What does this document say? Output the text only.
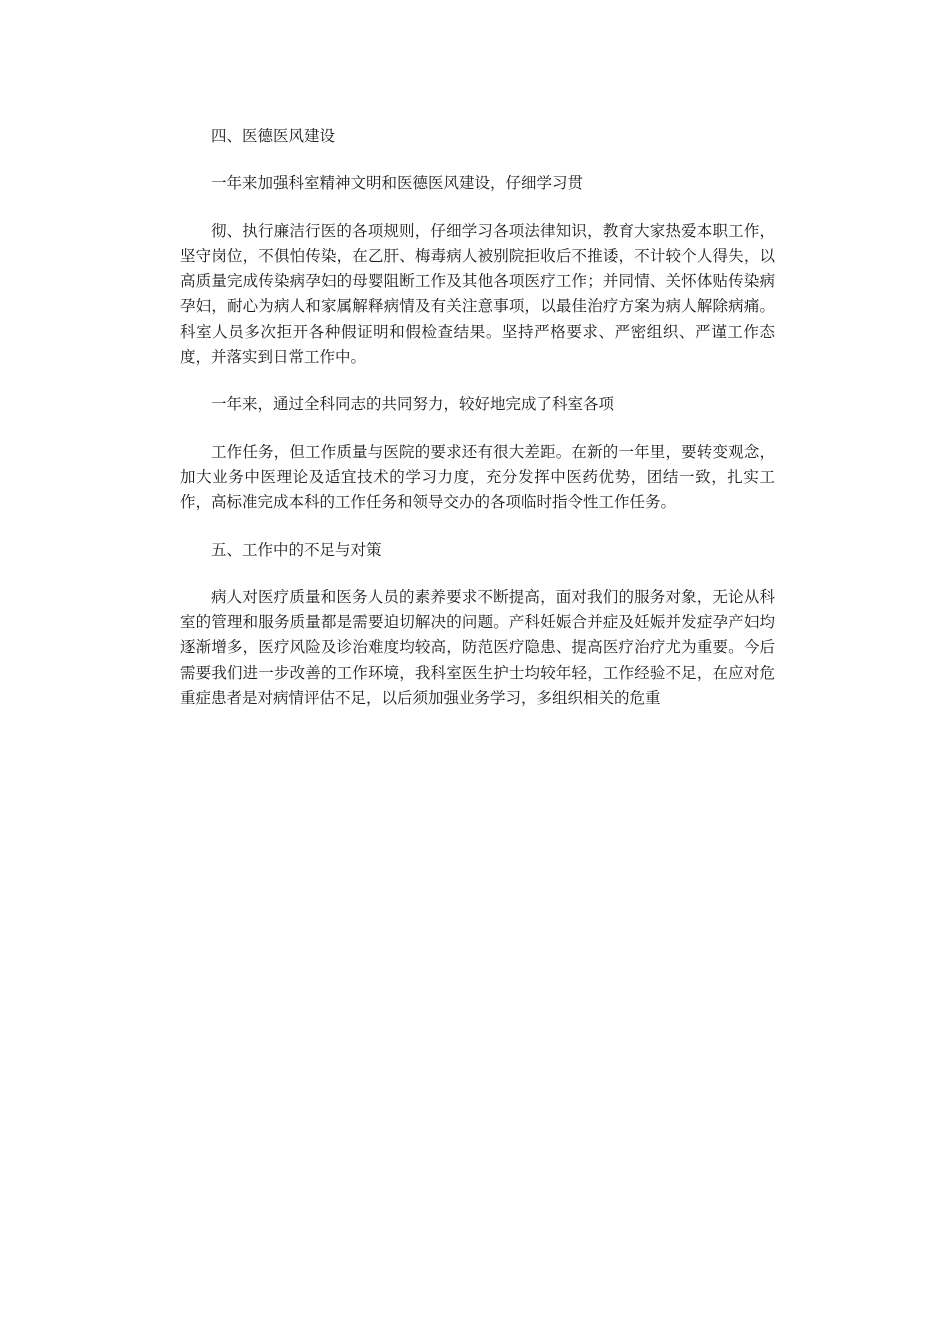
四、医德医风建设

一年来加强科室精神文明和医德医风建设，仔细学习贯

彻、执行廉洁行医的各项规则，仔细学习各项法律知识，教育大家热爱本职工作，坚守岗位，不俱怕传染，在乙肝、梅毒病人被别院拒收后不推诿，不计较个人得失，以高质量完成传染病孕妇的母婴阻断工作及其他各项医疗工作；并同情、关怀体贴传染病孕妇，耐心为病人和家属解释病情及有关注意事项，以最佳治疗方案为病人解除病痛。科室人员多次拒开各种假证明和假检查结果。坚持严格要求、严密组织、严谨工作态度，并落实到日常工作中。

一年来，通过全科同志的共同努力，较好地完成了科室各项

工作任务，但工作质量与医院的要求还有很大差距。在新的一年里，要转变观念，加大业务中医理论及适宜技术的学习力度，充分发挥中医药优势，团结一致，扎实工作，高标准完成本科的工作任务和领导交办的各项临时指令性工作任务。

五、工作中的不足与对策

病人对医疗质量和医务人员的素养要求不断提高，面对我们的服务对象，无论从科室的管理和服务质量都是需要迫切解决的问题。产科妊娠合并症及妊娠并发症孕产妇均逐渐增多，医疗风险及诊治难度均较高，防范医疗隐患、提高医疗治疗尤为重要。今后需要我们进一步改善的工作环境，我科室医生护士均较年轻，工作经验不足，在应对危重症患者是对病情评估不足，以后须加强业务学习，多组织相关的危重
